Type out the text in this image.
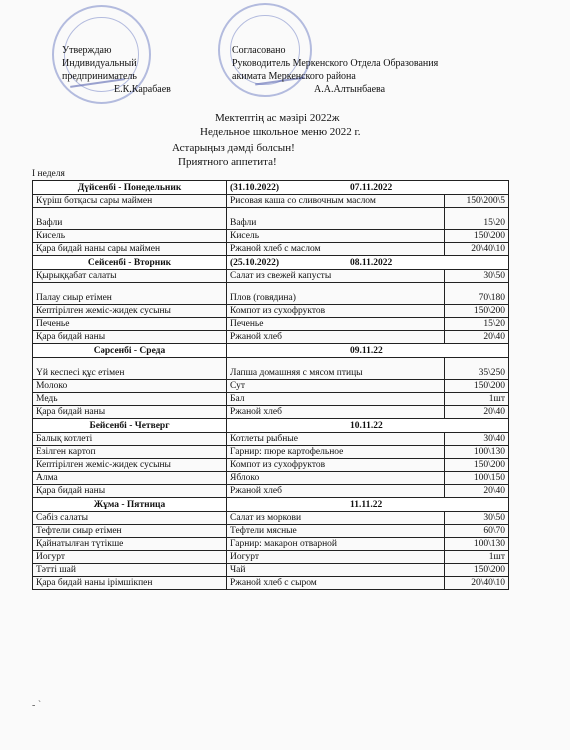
Утверждаю
Индивидуальный
предприниматель
Е.К.Карабаев
Согласовано
Руководитель Меркенского Отдела Образования
акимата Меркенского района
А.А.Алтынбаева
Мектептің ас мәзірі 2022ж
Недельное школьное меню 2022 г.
Астарыңыз дәмді болсын!
Приятного аппетита!
I неделя
Дүйсенбі - Понедельник	(31.10.2022) 07.11.2022	
Күріш ботқасы сары маймен	Рисовая каша со сливочным маслом	150\200\5
Вафли	Вафли	15\20
Кисель	Кисель	150\200
Қара бидай наны сары маймен	Ржаной хлеб с маслом	20\40\10
Сейсенбі - Вторник	(25.10.2022) 08.11.2022	
Қырыққабат салаты	Салат из свежей капусты	30\50
Палау сиыр етімен	Плов (говядина)	70\180
Кептірілген жеміс-жидек сусыны	Компот из сухофруктов	150\200
Печенье	Печенье	15\20
Қара бидай наны	Ржаной хлеб	20\40
Сәрсенбі - Среда	09.11.22	
Үй кеспесі құс етімен	Лапша домашняя с мясом птицы	35\250
Молоко	Сут	150\200
Медь	Бал	1шт
Қара бидай наны	Ржаной хлеб	20\40
Бейсенбі - Четверг	10.11.22	
Балық котлеті	Котлеты рыбные	30\40
Езілген картоп	Гарнир: пюре картофельное	100\130
Кептірілген жеміс-жидек сусыны	Компот из сухофруктов	150\200
Алма	Яблоко	100\150
Қара бидай наны	Ржаной хлеб	20\40
Жұма - Пятница	11.11.22	
Сәбіз салаты	Салат из моркови	30\50
Тефтели сиыр етімен	Тефтели мясные	60\70
Қайнатылған түтікше	Гарнир: макарон отварной	100\130
Иогурт	Иогурт	1шт
Тәтті шай	Чай	150\200
Қара бидай наны ірімшікпен	Ржаной хлеб с сыром	20\40\10
- `
